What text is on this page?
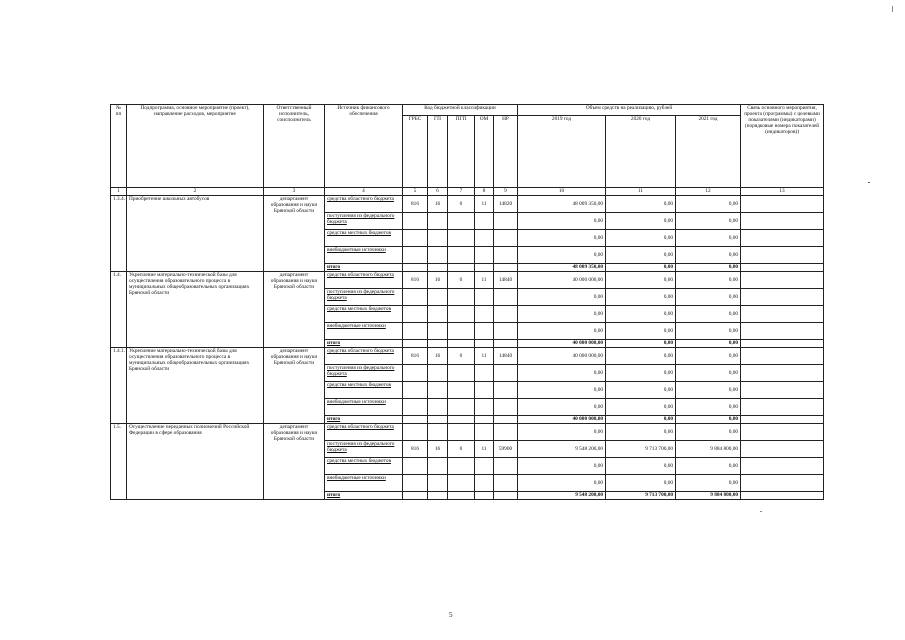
№ пп	Подпрограмма, основное мероприятие (проект), направление расходов, мероприятие	Ответственный исполнитель, соисполнитель	Источник финансового обеспечения	Код бюджетной классификации					Объем средств на реализацию, рублей			Связь основного мероприятия, проекта (программы) с целевыми показателями (индикаторами) (порядковые номера показателей (индикаторов))
				ГРБС	ГП	ПГП	ОМ	НР	2019 год	2020 год	2021 год	
1	2	3	4	5	6	7	8	9	10	11	12	13
1.3.4.	Приобретение школьных автобусов	департамент образования и науки Брянской области	средства областного бюджета	816	16	0	11	14820	48 009 350,00	0,00	0,00	
			поступления из федерального бюджета						0,00	0,00	0,00	
			средства местных бюджетов						0,00	0,00	0,00	
			внебюджетные источники						0,00	0,00	0,00	
			итого						48 009 350,00	0,00	0,00	
1.4.	Укрепление материально-технической базы для осуществления образовательного процесса в муниципальных общеобразовательных организациях Брянской области	департамент образования и науки Брянской области	средства областного бюджета	816	16	0	11	14840	40 000 000,00	0,00	0,00	
			поступления из федерального бюджета						0,00	0,00	0,00	
			средства местных бюджетов						0,00	0,00	0,00	
			внебюджетные источники						0,00	0,00	0,00	
			итого						40 000 000,00	0,00	0,00	
1.4.1.	Укрепление материально-технической базы для осуществления образовательного процесса в муниципальных общеобразовательных организациях Брянской области	департамент образования и науки Брянской области	средства областного бюджета	816	16	0	11	14840	40 000 000,00	0,00	0,00	
			поступления из федерального бюджета						0,00	0,00	0,00	
			средства местных бюджетов						0,00	0,00	0,00	
			внебюджетные источники						0,00	0,00	0,00	
			итого						40 000 000,00	0,00	0,00	
1.5.	Осуществление переданных полномочий Российской Федерации в сфере образования	департамент образования и науки Брянской области	средства областного бюджета						0,00	0,00	0,00	
			поступления из федерального бюджета	816	16	0	11	59900	9 548 200,00	9 713 700,00	9 884 800,00	
			средства местных бюджетов						0,00	0,00	0,00	
			внебюджетные источники						0,00	0,00	0,00	
			итого						9 548 200,00	9 713 700,00	9 884 800,00	
5
